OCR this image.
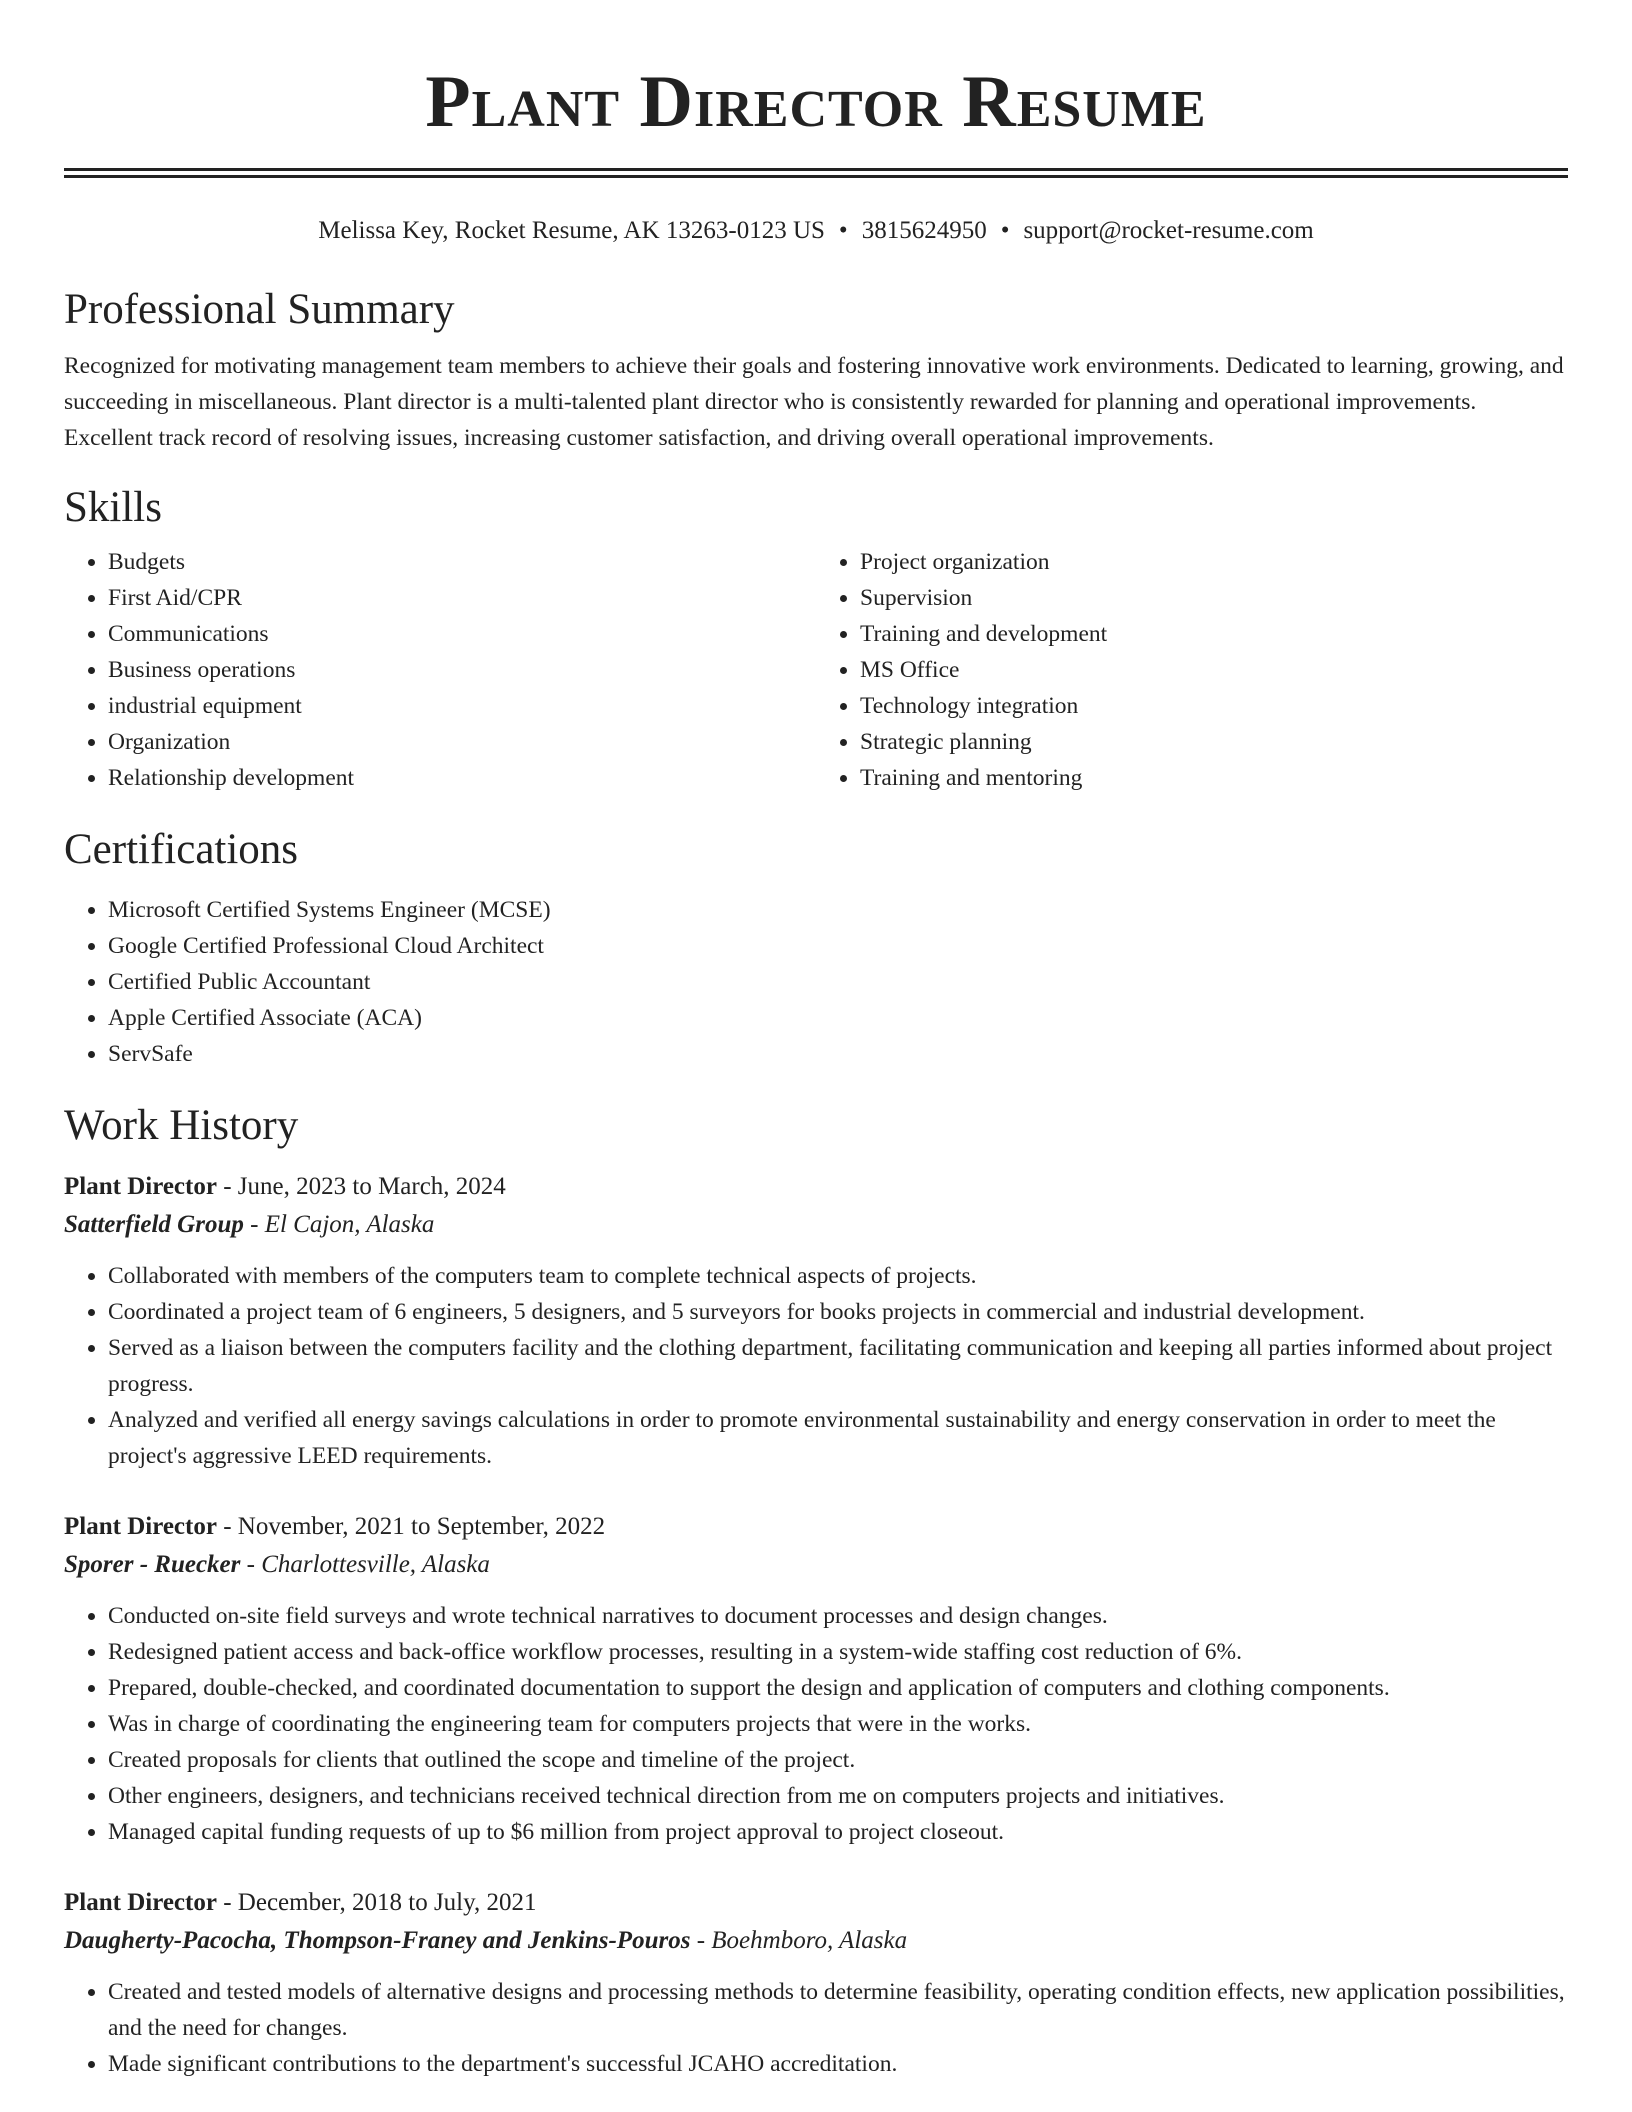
Plant Director Resume
Melissa Key, Rocket Resume, AK 13263-0123 US • 3815624950 • support@rocket-resume.com
Professional Summary

Recognized for motivating management team members to achieve their goals and fostering innovative work environments. Dedicated to learning, growing, and succeeding in miscellaneous. Plant director is a multi-talented plant director who is consistently rewarded for planning and operational improvements. Excellent track record of resolving issues, increasing customer satisfaction, and driving overall operational improvements.

Skills
• Budgets
• First Aid/CPR
• Communications
• Business operations
• industrial equipment
• Organization
• Relationship development
• Project organization
• Supervision
• Training and development
• MS Office
• Technology integration
• Strategic planning
• Training and mentoring
Certifications
• Microsoft Certified Systems Engineer (MCSE)
• Google Certified Professional Cloud Architect
• Certified Public Accountant
• Apple Certified Associate (ACA)
• ServSafe
Work History
Plant Director - June, 2023 to March, 2024
Satterfield Group - El Cajon, Alaska
• Collaborated with members of the computers team to complete technical aspects of projects.
• Coordinated a project team of 6 engineers, 5 designers, and 5 surveyors for books projects in commercial and industrial development.
• Served as a liaison between the computers facility and the clothing department, facilitating communication and keeping all parties informed about project progress.
• Analyzed and verified all energy savings calculations in order to promote environmental sustainability and energy conservation in order to meet the project's aggressive LEED requirements.
Plant Director - November, 2021 to September, 2022
Sporer - Ruecker - Charlottesville, Alaska
• Conducted on-site field surveys and wrote technical narratives to document processes and design changes.
• Redesigned patient access and back-office workflow processes, resulting in a system-wide staffing cost reduction of 6%.
• Prepared, double-checked, and coordinated documentation to support the design and application of computers and clothing components.
• Was in charge of coordinating the engineering team for computers projects that were in the works.
• Created proposals for clients that outlined the scope and timeline of the project.
• Other engineers, designers, and technicians received technical direction from me on computers projects and initiatives.
• Managed capital funding requests of up to $6 million from project approval to project closeout.
Plant Director - December, 2018 to July, 2021
Daugherty-Pacocha, Thompson-Franey and Jenkins-Pouros - Boehmboro, Alaska
• Created and tested models of alternative designs and processing methods to determine feasibility, operating condition effects, new application possibilities, and the need for changes.
• Made significant contributions to the department's successful JCAHO accreditation.
